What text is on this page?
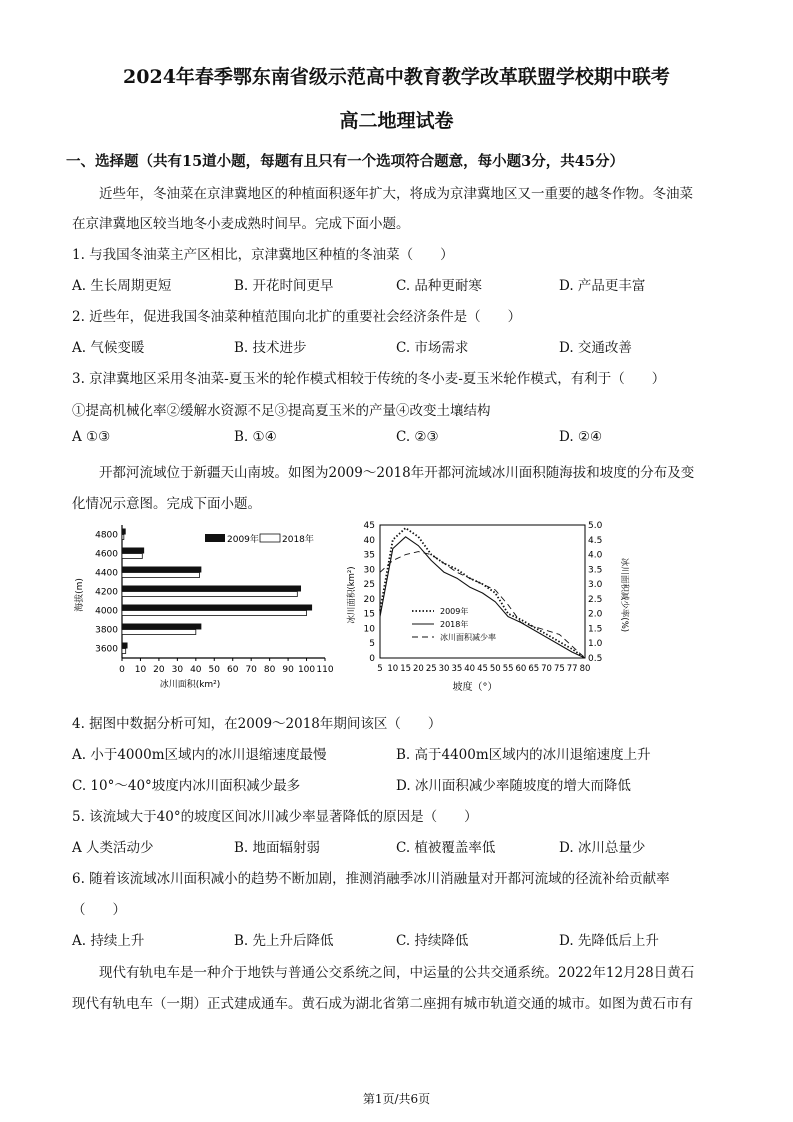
2024年春季鄂东南省级示范高中教育教学改革联盟学校期中联考
高二地理试卷
一、选择题（共有15道小题，每题有且只有一个选项符合题意，每小题3分，共45分）
近些年，冬油菜在京津冀地区的种植面积逐年扩大，将成为京津冀地区又一重要的越冬作物。冬油菜
在京津冀地区较当地冬小麦成熟时间早。完成下面小题。
1. 与我国冬油菜主产区相比，京津冀地区种植的冬油菜（　　）
A. 生长周期更短	B. 开花时间更早	C. 品种更耐寒	D. 产品更丰富
2. 近些年，促进我国冬油菜种植范围向北扩的重要社会经济条件是（　　）
A. 气候变暖	B. 技术进步	C. 市场需求	D. 交通改善
3. 京津冀地区采用冬油菜-夏玉米的轮作模式相较于传统的冬小麦-夏玉米轮作模式，有利于（　　）
①提高机械化率②缓解水资源不足③提高夏玉米的产量④改变土壤结构
A ①③	B. ①④	C. ②③	D. ②④
开都河流域位于新疆天山南坡。如图为2009～2018年开都河流域冰川面积随海拔和坡度的分布及变
化情况示意图。完成下面小题。
0 10 20 30 40 50 60 70 80 90 100 110
3600
3800
4000
4200
4400
4600
4800	2009年	2018年
冰川面积(km²)
海拔(m)
5 10 15 20 25 30 35 40 45 50 55 60 65 70 75 77 80
0
5
10
15
20
25
30
35
40
45
0.5
1.0
1.5
2.0
2.5
3.0
3.5
4.0
4.5
5.0
2009年
2018年
冰川面积减少率
坡度（°）
冰川面积(km²)	冰川面积减少率(%)
4. 据图中数据分析可知，在2009～2018年期间该区（　　）
A. 小于4000m区域内的冰川退缩速度最慢	B. 高于4400m区域内的冰川退缩速度上升
C. 10°～40°坡度内冰川面积减少最多	D. 冰川面积减少率随坡度的增大而降低
5. 该流域大于40°的坡度区间冰川减少率显著降低的原因是（　　）
A 人类活动少	B. 地面辐射弱	C. 植被覆盖率低	D. 冰川总量少
6. 随着该流域冰川面积减小的趋势不断加剧，推测消融季冰川消融量对开都河流域的径流补给贡献率
（　　）
A. 持续上升	B. 先上升后降低	C. 持续降低	D. 先降低后上升
现代有轨电车是一种介于地铁与普通公交系统之间，中运量的公共交通系统。2022年12月28日黄石
现代有轨电车（一期）正式建成通车。黄石成为湖北省第二座拥有城市轨道交通的城市。如图为黄石市有
第1页/共6页
